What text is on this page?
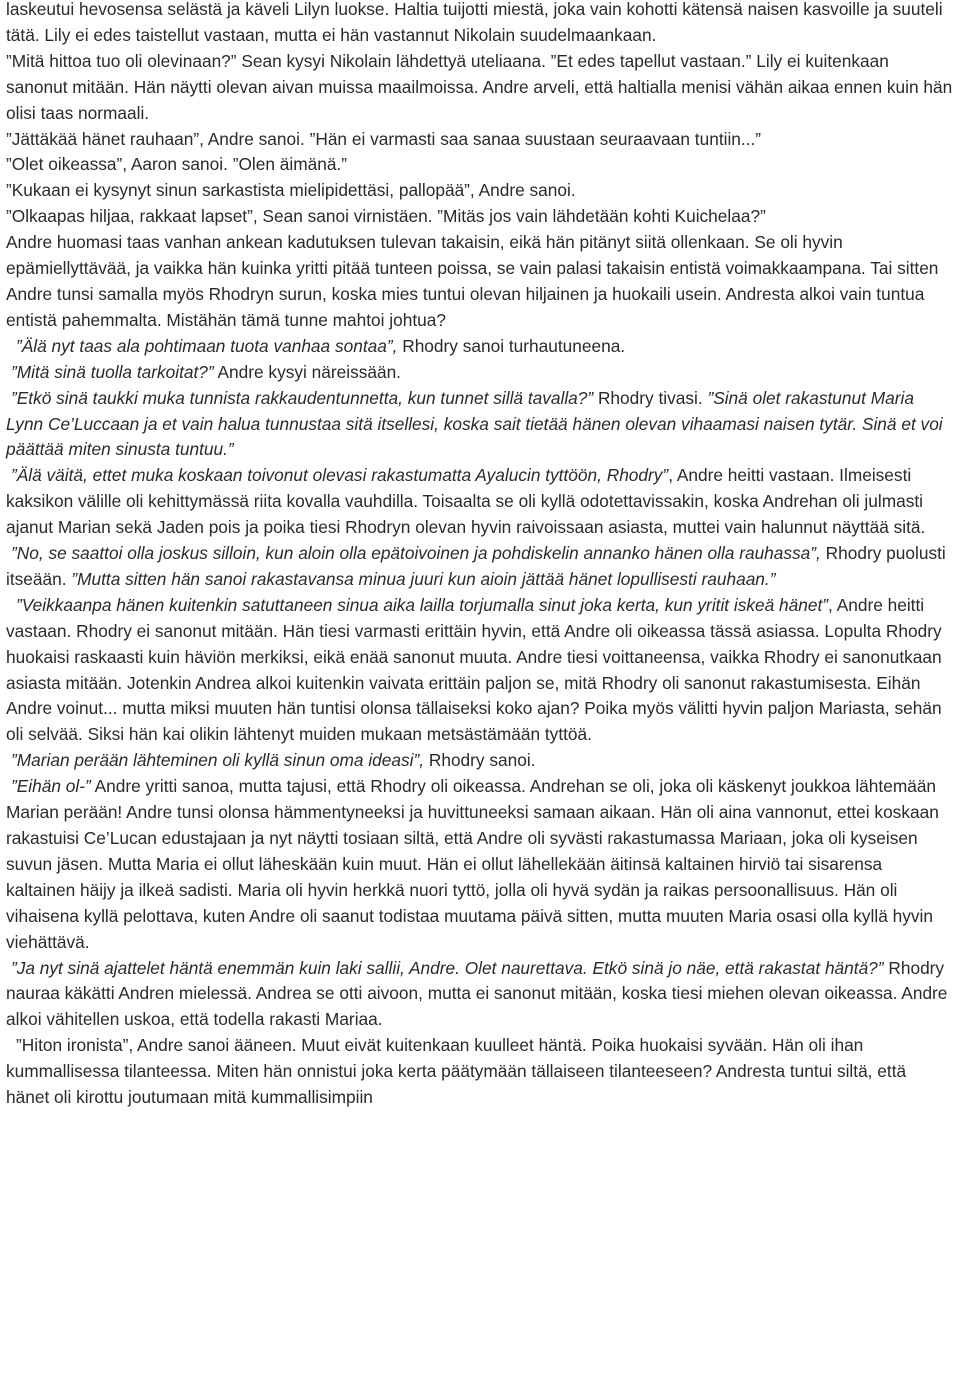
laskeutui hevosensa selästä ja käveli Lilyn luokse. Haltia tuijotti miestä, joka vain kohotti kätensä naisen kasvoille ja suuteli tätä. Lily ei edes taistellut vastaan, mutta ei hän vastannut Nikolain suudelmaankaan.
”Mitä hittoa tuo oli olevinaan?” Sean kysyi Nikolain lähdettyä uteliaana. ”Et edes tapellut vastaan.” Lily ei kuitenkaan sanonut mitään. Hän näytti olevan aivan muissa maailmoissa. Andre arveli, että haltialla menisi vähän aikaa ennen kuin hän olisi taas normaali.
”Jättäkää hänet rauhaan”, Andre sanoi. ”Hän ei varmasti saa sanaa suustaan seuraavaan tuntiin...”
”Olet oikeassa”, Aaron sanoi. ”Olen äimänä.”
”Kukaan ei kysynyt sinun sarkastista mielipidettäsi, pallopää”, Andre sanoi.
”Olkaapas hiljaa, rakkaat lapset”, Sean sanoi virnistäen. ”Mitäs jos vain lähdetään kohti Kuichelaa?”
Andre huomasi taas vanhan ankean kadutuksen tulevan takaisin, eikä hän pitänyt siitä ollenkaan. Se oli hyvin epämiellyttävää, ja vaikka hän kuinka yritti pitää tunteen poissa, se vain palasi takaisin entistä voimakkaampana. Tai sitten Andre tunsi samalla myös Rhodryn surun, koska mies tuntui olevan hiljainen ja huokaili usein. Andresta alkoi vain tuntua entistä pahemmalta. Mistähän tämä tunne mahtoi johtua?
”Älä nyt taas ala pohtimaan tuota vanhaa sontaa”, Rhodry sanoi turhautuneena.
”Mitä sinä tuolla tarkoitat?” Andre kysyi näreissään.
”Etkö sinä taukki muka tunnista rakkaudentunnetta, kun tunnet sillä tavalla?” Rhodry tivasi. ”Sinä olet rakastunut Maria Lynn Ce’Luccaan ja et vain halua tunnustaa sitä itsellesi, koska sait tietää hänen olevan vihaamasi naisen tytär. Sinä et voi päättää miten sinusta tuntuu.”
”Älä väitä, ettet muka koskaan toivonut olevasi rakastumatta Ayalucin tyttöön, Rhodry”, Andre heitti vastaan. Ilmeisesti kaksikon välille oli kehittymässä riita kovalla vauhdilla. Toisaalta se oli kyllä odotettavissakin, koska Andrehan oli julmasti ajanut Marian sekä Jaden pois ja poika tiesi Rhodryn olevan hyvin raivoissaan asiasta, muttei vain halunnut näyttää sitä.
”No, se saattoi olla joskus silloin, kun aloin olla epätoivoinen ja pohdiskelin annanko hänen olla rauhassa”, Rhodry puolusti itseään. ”Mutta sitten hän sanoi rakastavansa minua juuri kun aioin jättää hänet lopullisesti rauhaan.”
”Veikkaanpa hänen kuitenkin satuttaneen sinua aika lailla torjumalla sinut joka kerta, kun yritit iskeä hänet”, Andre heitti vastaan. Rhodry ei sanonut mitään. Hän tiesi varmasti erittäin hyvin, että Andre oli oikeassa tässä asiassa. Lopulta Rhodry huokaisi raskaasti kuin häviön merkiksi, eikä enää sanonut muuta. Andre tiesi voittaneensa, vaikka Rhodry ei sanonutkaan asiasta mitään. Jotenkin Andrea alkoi kuitenkin vaivata erittäin paljon se, mitä Rhodry oli sanonut rakastumisesta. Eihän Andre voinut... mutta miksi muuten hän tuntisi olonsa tällaiseksi koko ajan? Poika myös välitti hyvin paljon Mariasta, sehän oli selvää. Siksi hän kai olikin lähtenyt muiden mukaan metsästämään tyttöä.
”Marian perään lähteminen oli kyllä sinun oma ideasi”, Rhodry sanoi.
”Eihän ol-” Andre yritti sanoa, mutta tajusi, että Rhodry oli oikeassa. Andrehan se oli, joka oli käskenyt joukkoa lähtemään Marian perään! Andre tunsi olonsa hämmentyneeksi ja huvittuneeksi samaan aikaan. Hän oli aina vannonut, ettei koskaan rakastuisi Ce’Lucan edustajaan ja nyt näytti tosiaan siltä, että Andre oli syvästi rakastumassa Mariaan, joka oli kyseisen suvun jäsen. Mutta Maria ei ollut läheskään kuin muut. Hän ei ollut lähellekään äitinsä kaltainen hirviö tai sisarensa kaltainen häijy ja ilkeä sadisti. Maria oli hyvin herkkä nuori tyttö, jolla oli hyvä sydän ja raikas persoonallisuus. Hän oli vihaisena kyllä pelottava, kuten Andre oli saanut todistaa muutama päivä sitten, mutta muuten Maria osasi olla kyllä hyvin viehättävä.
”Ja nyt sinä ajattelet häntä enemmän kuin laki sallii, Andre. Olet naurettava. Etkö sinä jo näe, että rakastat häntä?” Rhodry nauraa käkätti Andren mielessä. Andrea se otti aivoon, mutta ei sanonut mitään, koska tiesi miehen olevan oikeassa. Andre alkoi vähitellen uskoa, että todella rakasti Mariaa.
”Hiton ironista”, Andre sanoi ääneen. Muut eivät kuitenkaan kuulleet häntä. Poika huokaisi syvään. Hän oli ihan kummallisessa tilanteessa. Miten hän onnistui joka kerta päätymään tällaiseen tilanteeseen? Andresta tuntui siltä, että hänet oli kirottu joutumaan mitä kummallisimpiin
